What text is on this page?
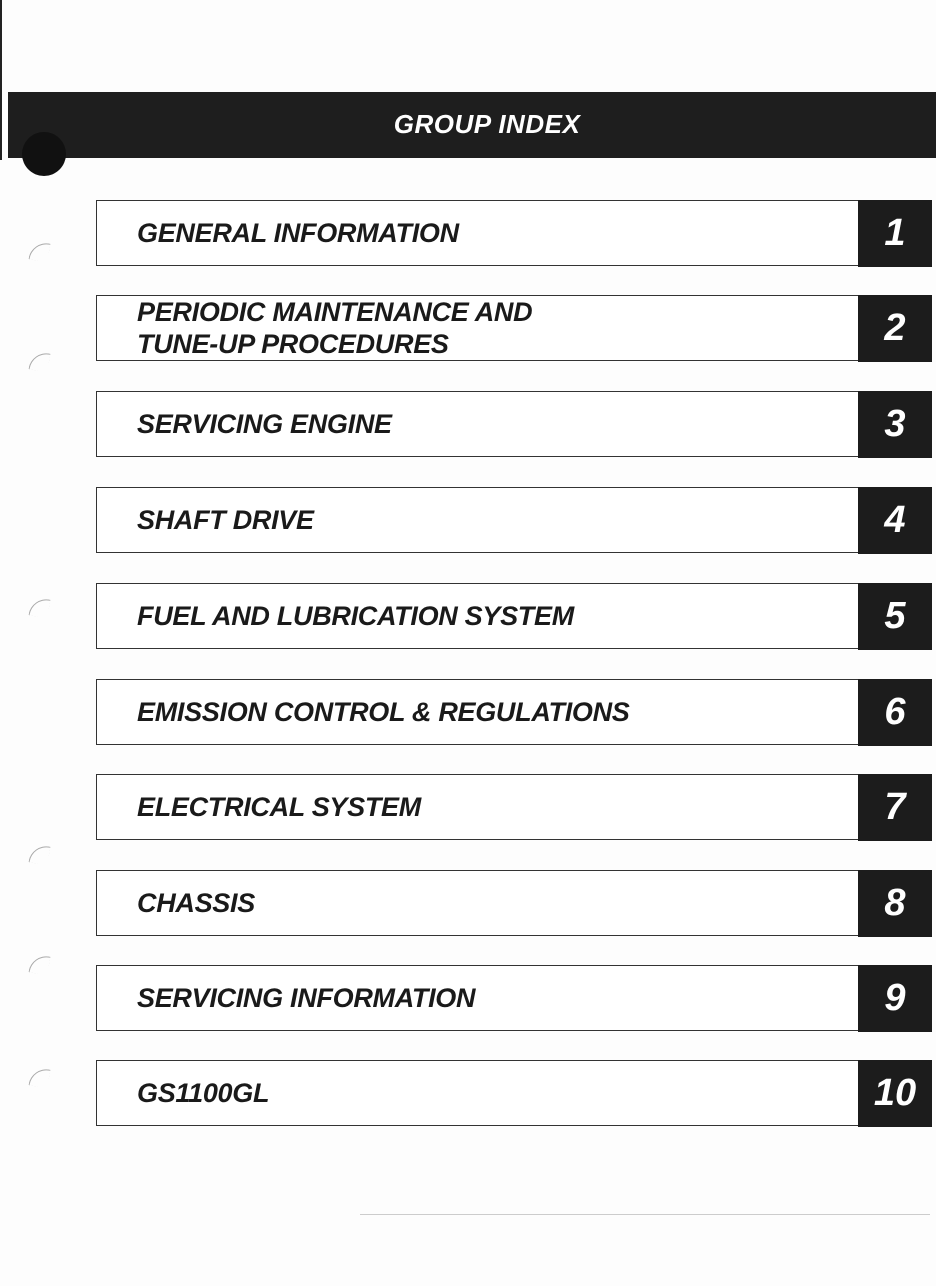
GROUP INDEX
GENERAL INFORMATION	1
PERIODIC MAINTENANCE AND
TUNE-UP PROCEDURES	2
SERVICING ENGINE	3
SHAFT DRIVE	4
FUEL AND LUBRICATION SYSTEM	5
EMISSION CONTROL & REGULATIONS	6
ELECTRICAL SYSTEM	7
CHASSIS	8
SERVICING INFORMATION	9
GS1100GL	10
